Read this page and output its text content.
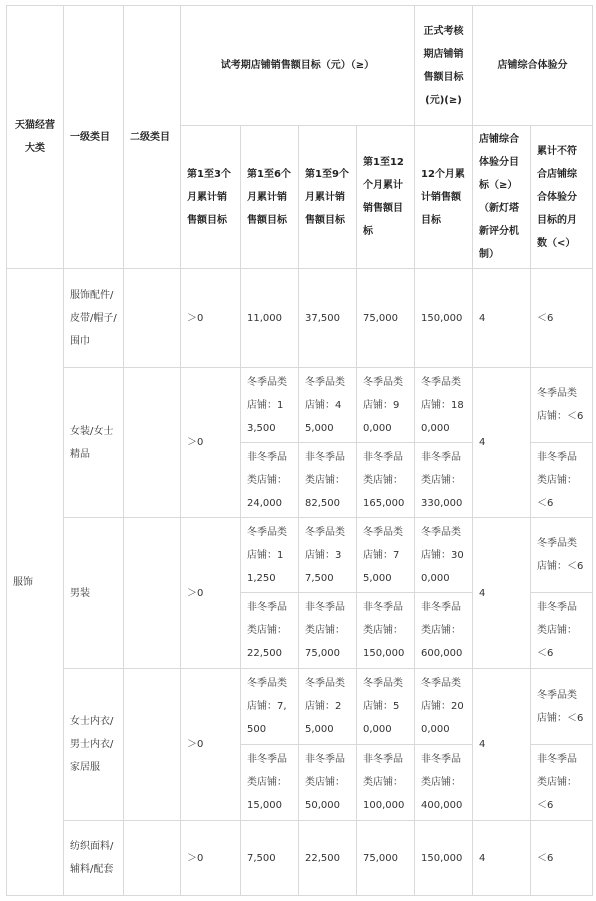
天猫经营大类	一级类目	二级类目	试考期店铺销售额目标（元）（≥）				正式考核期店铺销售额目标(元)(≥)	店铺综合体验分	
			第1至3个月累计销售额目标	第1至6个月累计销售额目标	第1至9个月累计销售额目标	第1至12个月累计销售额目标	12个月累计销售额目标	店铺综合体验分目标（≥）（新灯塔新评分机制）	累计不符合店铺综合体验分目标的月数（<）
服饰	服饰配件/皮带/帽子/围巾		＞0	11,000	37,500	75,000	150,000	4	＜6
	女装/女士精品		＞0	冬季品类店铺：13,500	冬季品类店铺：45,000	冬季品类店铺：90,000	冬季品类店铺：180,000	4	冬季品类店铺：＜6
				非冬季品类店铺：24,000	非冬季品类店铺：82,500	非冬季品类店铺：165,000	非冬季品类店铺：330,000		非冬季品类店铺：＜6
	男装		＞0	冬季品类店铺：11,250	冬季品类店铺：37,500	冬季品类店铺：75,000	冬季品类店铺：300,000	4	冬季品类店铺：＜6
				非冬季品类店铺：22,500	非冬季品类店铺：75,000	非冬季品类店铺：150,000	非冬季品类店铺：600,000		非冬季品类店铺：＜6
	女士内衣/男士内衣/家居服		＞0	冬季品类店铺：7,500	冬季品类店铺：25,000	冬季品类店铺：50,000	冬季品类店铺：200,000	4	冬季品类店铺：＜6
				非冬季品类店铺：15,000	非冬季品类店铺：50,000	非冬季品类店铺：100,000	非冬季品类店铺：400,000		非冬季品类店铺：＜6
	纺织面料/辅料/配套		＞0	7,500	22,500	75,000	150,000	4	＜6
